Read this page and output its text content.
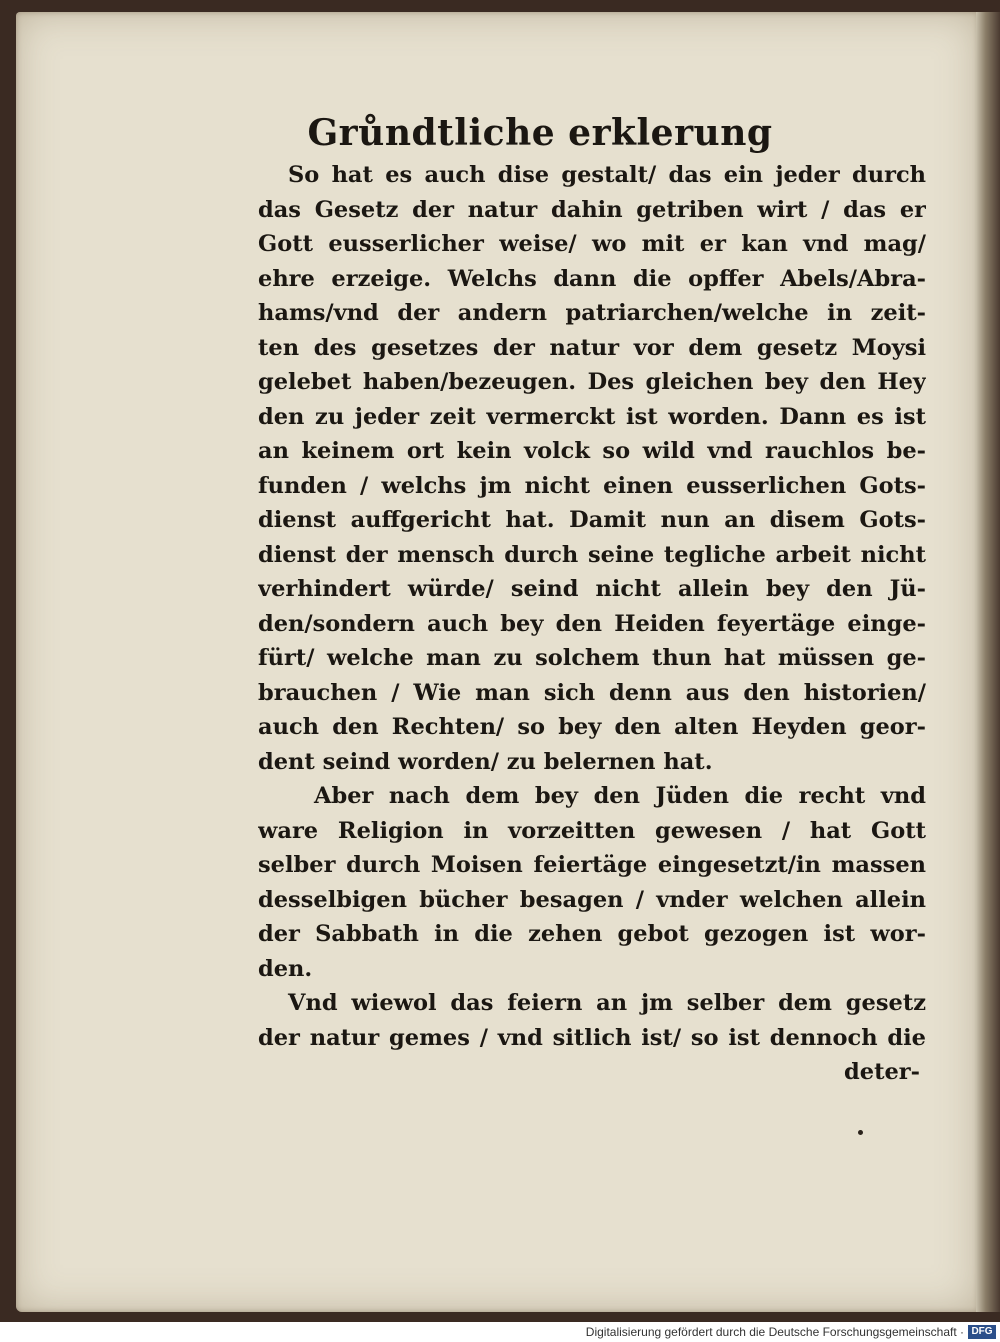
Grůndtliche erklerung
So hat es auch dise gestalt/ das ein jeder durch
das Gesetz der natur dahin getriben wirt / das er
Gott eusserlicher weise/ wo mit er kan vnd mag/
ehre erzeige. Welchs dann die opffer Abels/Abra-
hams/vnd der andern patriarchen/welche in zeit-
ten des gesetzes der natur vor dem gesetz Moysi
gelebet haben/bezeugen. Des gleichen bey den Hey
den zu jeder zeit vermerckt ist worden. Dann es ist
an keinem ort kein volck so wild vnd rauchlos be-
funden / welchs jm nicht einen eusserlichen Gots-
dienst auffgericht hat. Damit nun an disem Gots-
dienst der mensch durch seine tegliche arbeit nicht
verhindert würde/ seind nicht allein bey den Jü-
den/sondern auch bey den Heiden feyertäge einge-
fürt/ welche man zu solchem thun hat müssen ge-
brauchen / Wie man sich denn aus den historien/
auch den Rechten/ so bey den alten Heyden geor-
dent seind worden/ zu belernen hat.
Aber nach dem bey den Jüden die recht vnd
ware Religion in vorzeitten gewesen / hat Gott
selber durch Moisen feiertäge eingesetzt/in massen
desselbigen bücher besagen / vnder welchen allein
der Sabbath in die zehen gebot gezogen ist wor-
den.
Vnd wiewol das feiern an jm selber dem gesetz
der natur gemes / vnd sitlich ist/ so ist dennoch die
deter-
Digitalisierung gefördert durch die Deutsche Forschungsgemeinschaft · DFG
